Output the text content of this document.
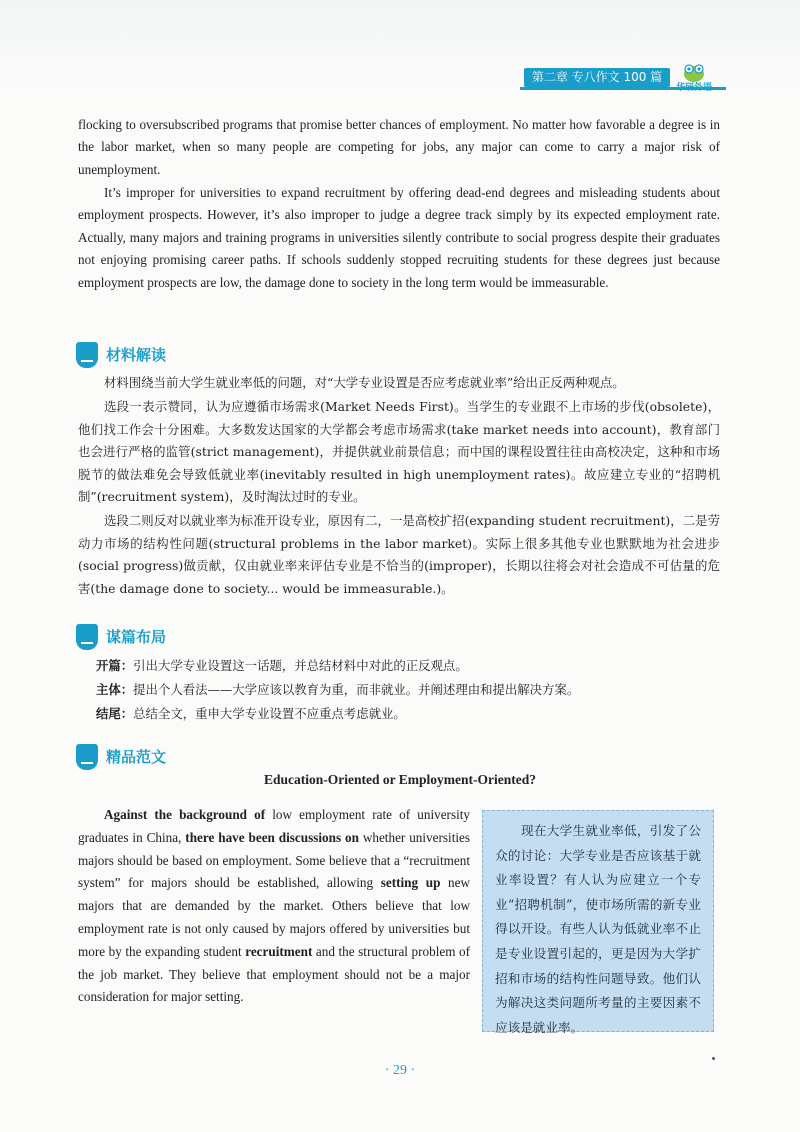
第二章 专八作文 100 篇
华研外语
flocking to oversubscribed programs that promise better chances of employment. No matter how favorable a degree is in the labor market, when so many people are competing for jobs, any major can come to carry a major risk of unemployment.
It’s improper for universities to expand recruitment by offering dead-end degrees and misleading students about employment prospects. However, it’s also improper to judge a degree track simply by its expected employment rate. Actually, many majors and training programs in universities silently contribute to social progress despite their graduates not enjoying promising career paths. If schools suddenly stopped recruiting students for these degrees just because employment prospects are low, the damage done to society in the long term would be immeasurable.
材料解读
材料围绕当前大学生就业率低的问题，对“大学专业设置是否应考虑就业率”给出正反两种观点。
选段一表示赞同，认为应遵循市场需求(Market Needs First)。当学生的专业跟不上市场的步伐(obsolete)，他们找工作会十分困难。大多数发达国家的大学都会考虑市场需求(take market needs into account)，教育部门也会进行严格的监管(strict management)，并提供就业前景信息；而中国的课程设置往往由高校决定，这种和市场脱节的做法难免会导致低就业率(inevitably resulted in high unemployment rates)。故应建立专业的“招聘机制”(recruitment system)，及时淘汰过时的专业。
选段二则反对以就业率为标准开设专业，原因有二，一是高校扩招(expanding student recruitment)，二是劳动力市场的结构性问题(structural problems in the labor market)。实际上很多其他专业也默默地为社会进步(social progress)做贡献，仅由就业率来评估专业是不恰当的(improper)，长期以往将会对社会造成不可估量的危害(the damage done to society... would be immeasurable.)。
谋篇布局
开篇：引出大学专业设置这一话题，并总结材料中对此的正反观点。
主体：提出个人看法——大学应该以教育为重，而非就业。并阐述理由和提出解决方案。
结尾：总结全文，重申大学专业设置不应重点考虑就业。
精品范文
Education-Oriented or Employment-Oriented?
Against the background of low employment rate of university graduates in China, there have been discussions on whether universities majors should be based on employment. Some believe that a “recruitment system” for majors should be established, allowing setting up new majors that are demanded by the market. Others believe that low employment rate is not only caused by majors offered by universities but more by the expanding student recruitment and the structural problem of the job market. They believe that employment should not be a major consideration for major setting.
现在大学生就业率低，引发了公众的讨论：大学专业是否应该基于就业率设置？有人认为应建立一个专业“招聘机制”，使市场所需的新专业得以开设。有些人认为低就业率不止是专业设置引起的，更是因为大学扩招和市场的结构性问题导致。他们认为解决这类问题所考量的主要因素不应该是就业率。
· 29 ·
